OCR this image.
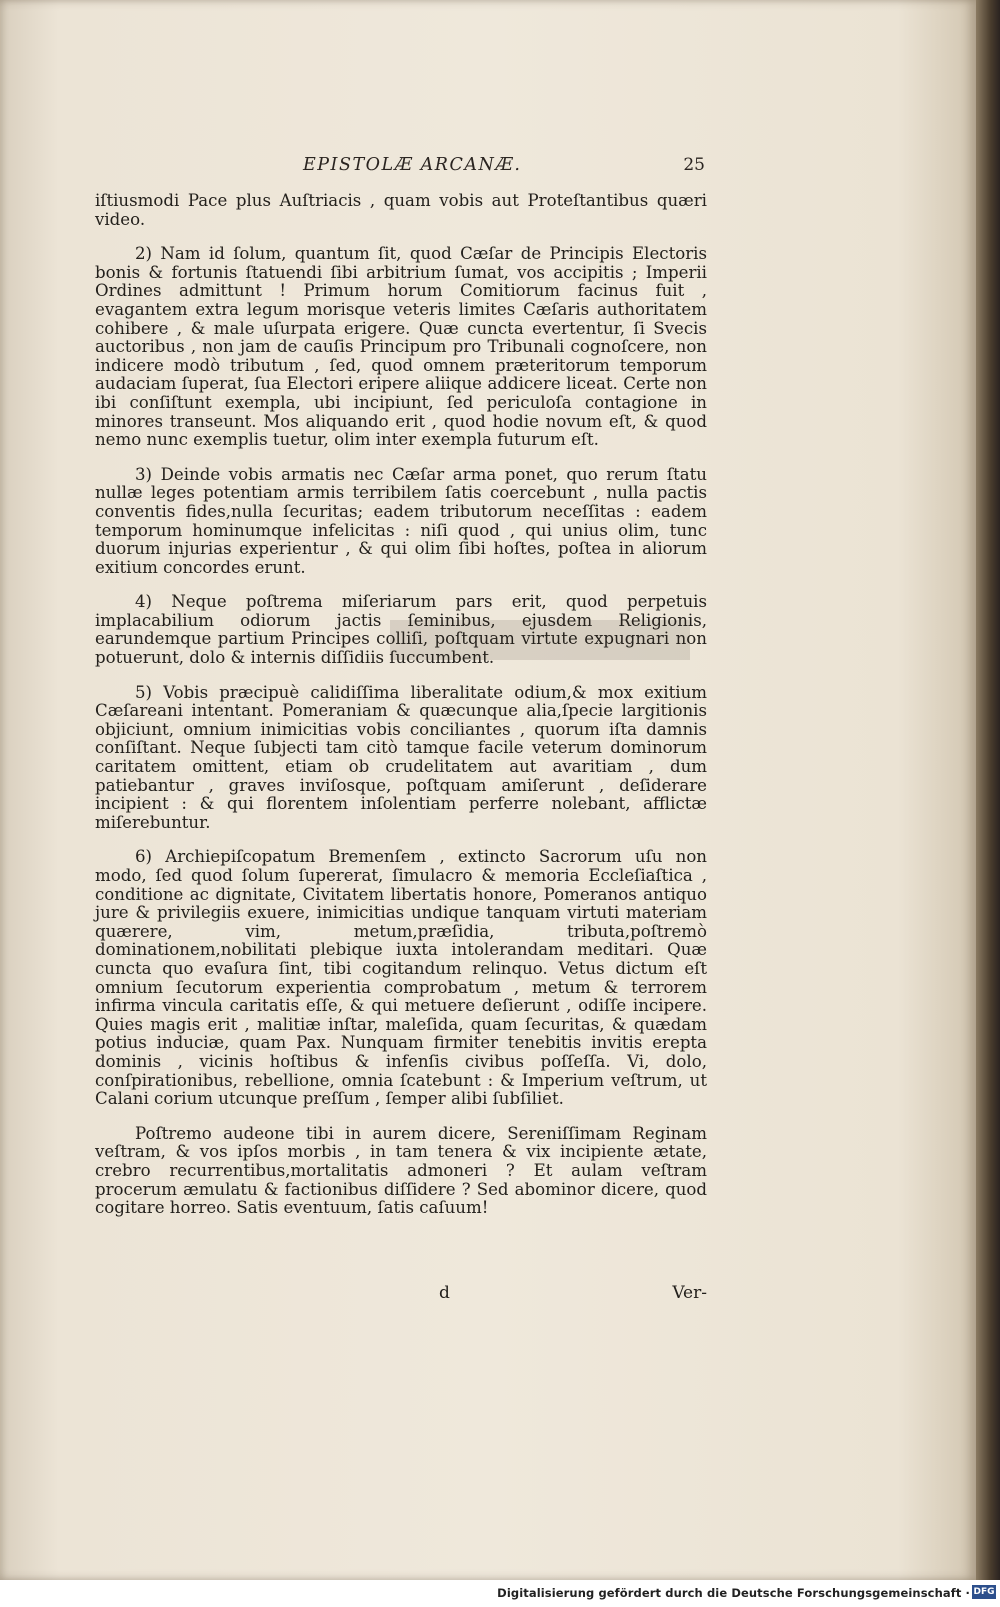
EPISTOLÆ ARCANÆ.	25

iſtiusmodi Pace plus Auſtriacis , quam vobis aut Proteſtantibus quæri video.

2) Nam id ſolum, quantum ſit, quod Cæſar de Principis Electoris bonis & fortunis ſtatuendi ſibi arbitrium ſumat, vos accipitis ; Imperii Ordines admittunt ! Primum horum Comitiorum facinus fuit , evagantem extra legum morisque veteris limites Cæſaris authoritatem cohibere , & male uſurpata erigere. Quæ cuncta evertentur, ſi Svecis auctoribus , non jam de cauſis Principum pro Tribunali cognoſcere, non indicere modò tributum , ſed, quod omnem præteritorum temporum audaciam ſuperat, ſua Electori eripere aliique addicere liceat. Certe non ibi conſiſtunt exempla, ubi incipiunt, ſed periculoſa contagione in minores transeunt. Mos aliquando erit , quod hodie novum eſt, & quod nemo nunc exemplis tuetur, olim inter exempla futurum eſt.

3) Deinde vobis armatis nec Cæſar arma ponet, quo rerum ſtatu nullæ leges potentiam armis terribilem ſatis coercebunt , nulla pactis conventis fides,nulla ſecuritas; eadem tributorum neceſſitas : eadem temporum hominumque infelicitas : niſi quod , qui unius olim, tunc duorum injurias experientur , & qui olim ſibi hoſtes, poſtea in aliorum exitium concordes erunt.

4) Neque poſtrema miſeriarum pars erit, quod perpetuis implacabilium odiorum jactis ſeminibus, ejusdem Religionis, earundemque partium Principes colliſi, poſtquam virtute expugnari non potuerunt, dolo & internis diſſidiis ſuccumbent.

5) Vobis præcipuè calidiſſima liberalitate odium,& mox exitium Cæſareani intentant. Pomeraniam & quæcunque alia,ſpecie largitionis objiciunt, omnium inimicitias vobis conciliantes , quorum iſta damnis conſiſtant. Neque ſubjecti tam citò tamque facile veterum dominorum caritatem omittent, etiam ob crudelitatem aut avaritiam , dum patiebantur , graves inviſosque, poſtquam amiſerunt , deſiderare incipient : & qui florentem inſolentiam perferre nolebant, afflictæ miſerebuntur.

6) Archiepiſcopatum Bremenſem , extincto Sacrorum uſu non modo, ſed quod ſolum ſupererat, ſimulacro & memoria Eccleſiaſtica , conditione ac dignitate, Civitatem libertatis honore, Pomeranos antiquo jure & privilegiis exuere, inimicitias undique tanquam virtuti materiam quærere, vim, metum,præſidia, tributa,poſtremò dominationem,nobilitati plebique iuxta intolerandam meditari. Quæ cuncta quo evaſura ſint, tibi cogitandum relinquo. Vetus dictum eſt omnium ſecutorum experientia comprobatum , metum & terrorem infirma vincula caritatis eſſe, & qui metuere deſierunt , odiſſe incipere. Quies magis erit , malitiæ inſtar, maleſida, quam ſecuritas, & quædam potius induciæ, quam Pax. Nunquam firmiter tenebitis invitis erepta dominis , vicinis hoſtibus & infenſis civibus poſſeſſa. Vi, dolo, conſpirationibus, rebellione, omnia ſcatebunt : & Imperium veſtrum, ut Calani corium utcunque preſſum , ſemper alibi ſubſiliet.

Poſtremo audeone tibi in aurem dicere, Sereniſſimam Reginam veſtram, & vos ipſos morbis , in tam tenera & vix incipiente ætate, crebro recurrentibus,mortalitatis admoneri ? Et aulam veſtram procerum æmulatu & factionibus diſſidere ? Sed abominor dicere, quod cogitare horreo. Satis eventuum, ſatis caſuum!

d	Ver-
Digitalisierung gefördert durch die Deutsche Forschungsgemeinschaft · DFG
